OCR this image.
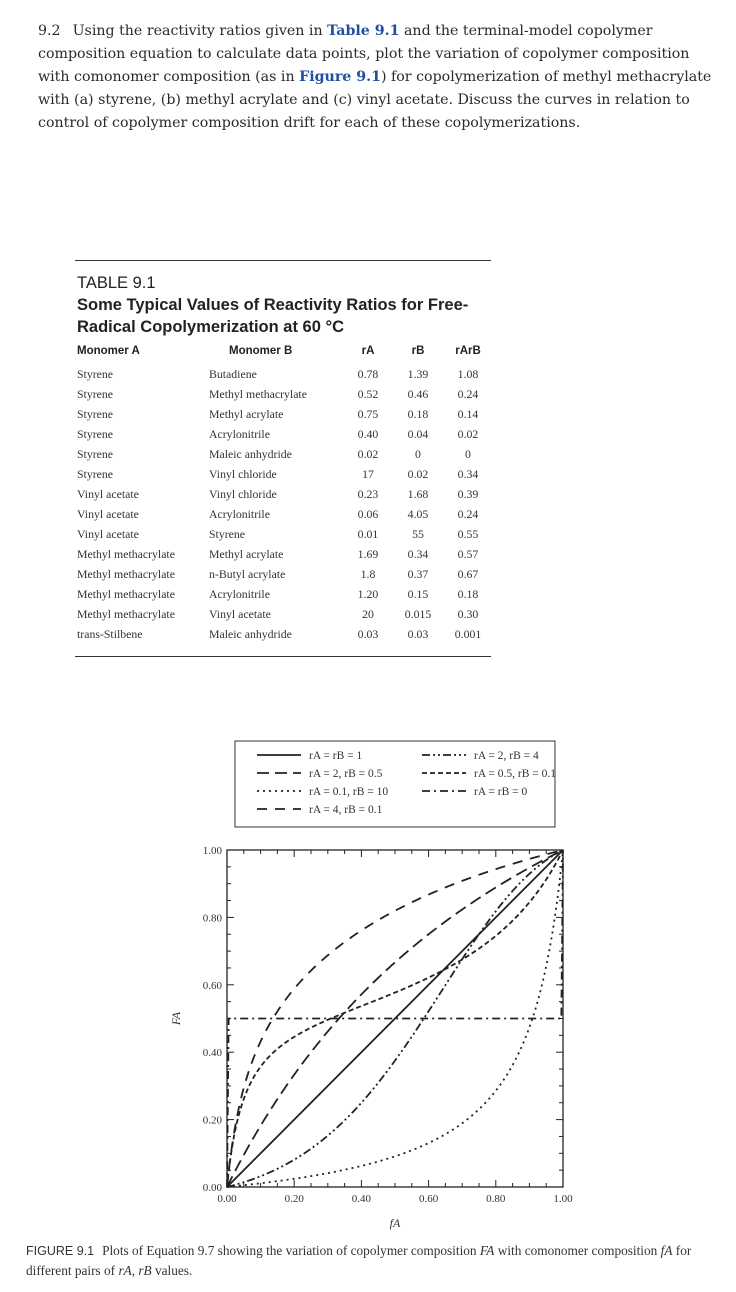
9.2 Using the reactivity ratios given in Table 9.1 and the terminal-model copolymer composition equation to calculate data points, plot the variation of copolymer composition with comonomer composition (as in Figure 9.1) for copolymerization of methyl methacrylate with (a) styrene, (b) methyl acrylate and (c) vinyl acetate. Discuss the curves in relation to control of copolymer composition drift for each of these copolymerizations.
TABLE 9.1
Some Typical Values of Reactivity Ratios for Free-Radical Copolymerization at 60 °C
Monomer A	Monomer B	rA	rB	rArB
Styrene	Butadiene	0.78	1.39	1.08
Styrene	Methyl methacrylate	0.52	0.46	0.24
Styrene	Methyl acrylate	0.75	0.18	0.14
Styrene	Acrylonitrile	0.40	0.04	0.02
Styrene	Maleic anhydride	0.02	0	0
Styrene	Vinyl chloride	17	0.02	0.34
Vinyl acetate	Vinyl chloride	0.23	1.68	0.39
Vinyl acetate	Acrylonitrile	0.06	4.05	0.24
Vinyl acetate	Styrene	0.01	55	0.55
Methyl methacrylate	Methyl acrylate	1.69	0.34	0.57
Methyl methacrylate	n-Butyl acrylate	1.8	0.37	0.67
Methyl methacrylate	Acrylonitrile	1.20	0.15	0.18
Methyl methacrylate	Vinyl acetate	20	0.015	0.30
trans-Stilbene	Maleic anhydride	0.03	0.03	0.001
rA = rB = 1
rA = 2, rB = 0.5
rA = 0.1, rB = 10
rA = 4, rB = 0.1
rA = 2, rB = 4
rA = 0.5, rB = 0.1
rA = rB = 0
0.00	0.20	0.40	0.60	0.80	1.00
0.00
0.20
0.40
0.60
0.80
1.00
fA
FA
FIGURE 9.1 Plots of Equation 9.7 showing the variation of copolymer composition FA with comonomer composition fA for different pairs of rA, rB values.
